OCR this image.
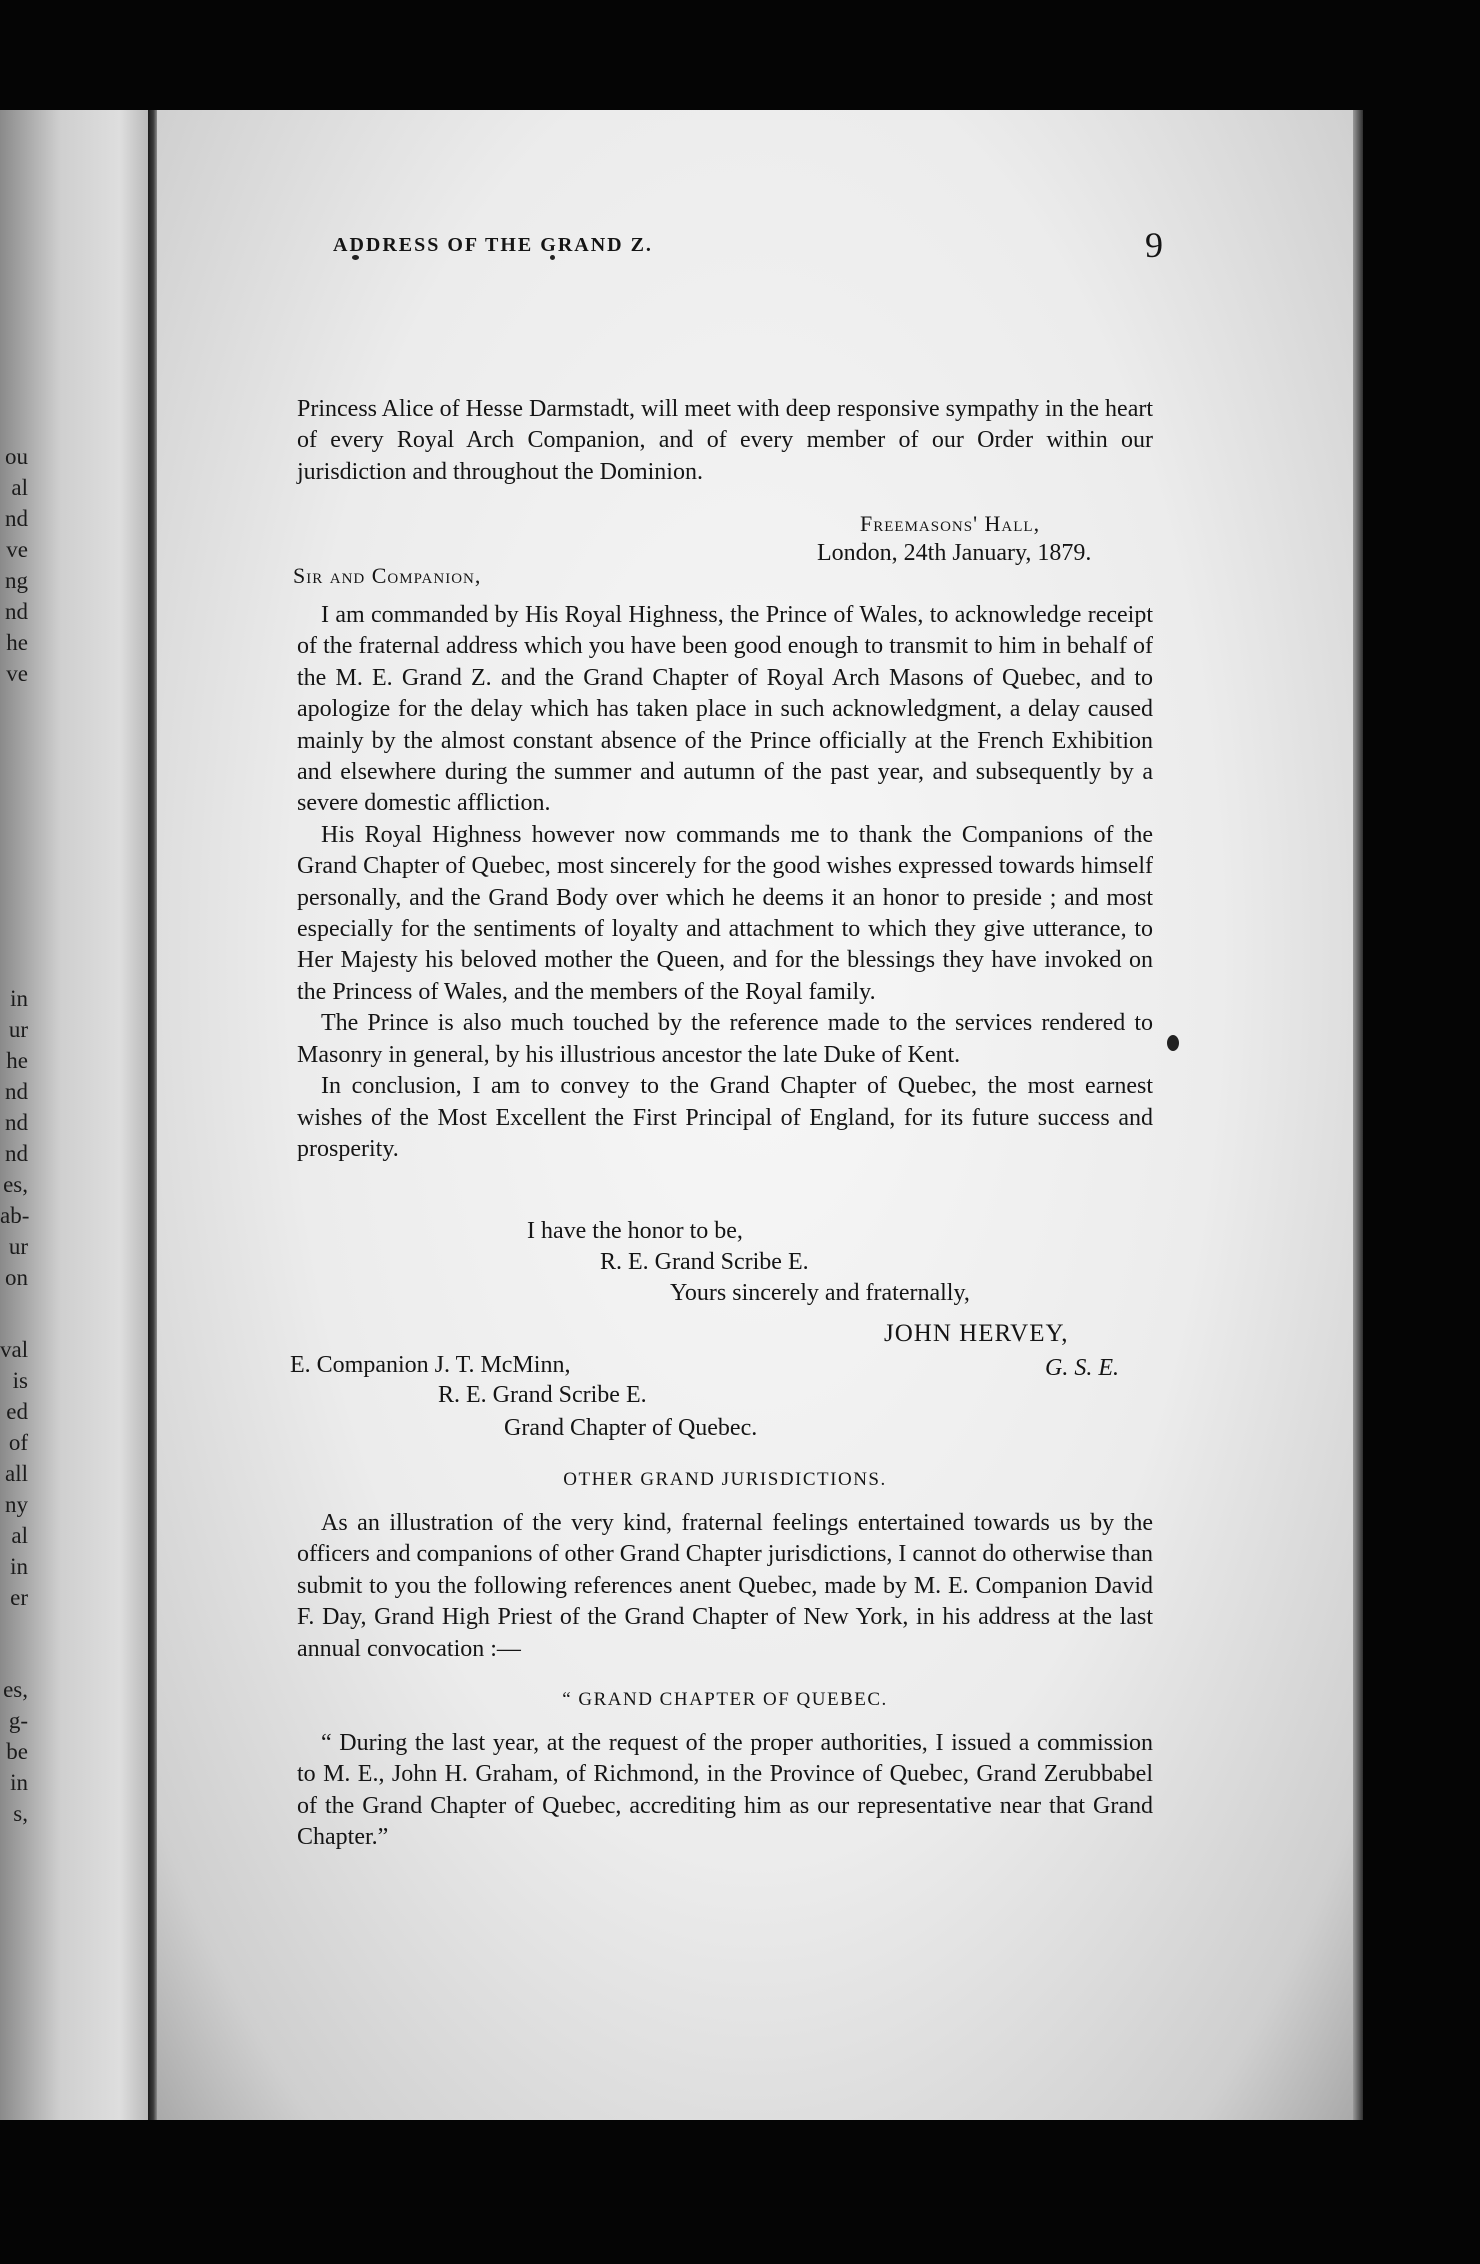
ou
al
nd
ve
ng
nd
he
ve
in
ur
he
nd
nd
nd
es,
ab-
ur
on
val
is
ed
of
all
ny
al
in
er
es,
g-
be
in
s,
ADDRESS OF THE GRAND Z.	9

Princess Alice of Hesse Darmstadt, will meet with deep responsive sympathy in the heart of every Royal Arch Companion, and of every member of our Order within our jurisdiction and throughout the Dominion.

Freemasons' Hall,
London, 24th January, 1879.
Sir and Companion,

I am commanded by His Royal Highness, the Prince of Wales, to acknowledge receipt of the fraternal address which you have been good enough to transmit to him in behalf of the M. E. Grand Z. and the Grand Chapter of Royal Arch Masons of Quebec, and to apologize for the delay which has taken place in such acknowledgment, a delay caused mainly by the almost constant absence of the Prince officially at the French Exhibition and elsewhere during the summer and autumn of the past year, and subsequently by a severe domestic affliction.

His Royal Highness however now commands me to thank the Companions of the Grand Chapter of Quebec, most sincerely for the good wishes expressed towards himself personally, and the Grand Body over which he deems it an honor to preside ; and most especially for the sentiments of loyalty and attachment to which they give utterance, to Her Majesty his beloved mother the Queen, and for the blessings they have invoked on the Princess of Wales, and the members of the Royal family.

The Prince is also much touched by the reference made to the services rendered to Masonry in general, by his illustrious ancestor the late Duke of Kent.

In conclusion, I am to convey to the Grand Chapter of Quebec, the most earnest wishes of the Most Excellent the First Principal of England, for its future success and prosperity.

I have the honor to be,
R. E. Grand Scribe E.
Yours sincerely and fraternally,
JOHN HERVEY,
G. S. E.
E. Companion J. T. McMinn,
R. E. Grand Scribe E.
Grand Chapter of Quebec.
OTHER GRAND JURISDICTIONS.

As an illustration of the very kind, fraternal feelings entertained towards us by the officers and companions of other Grand Chapter jurisdictions, I cannot do otherwise than submit to you the following references anent Quebec, made by M. E. Companion David F. Day, Grand High Priest of the Grand Chapter of New York, in his address at the last annual convocation :—

“ GRAND CHAPTER OF QUEBEC.

“ During the last year, at the request of the proper authorities, I issued a commission to M. E., John H. Graham, of Richmond, in the Province of Quebec, Grand Zerubbabel of the Grand Chapter of Quebec, accrediting him as our representative near that Grand Chapter.”
